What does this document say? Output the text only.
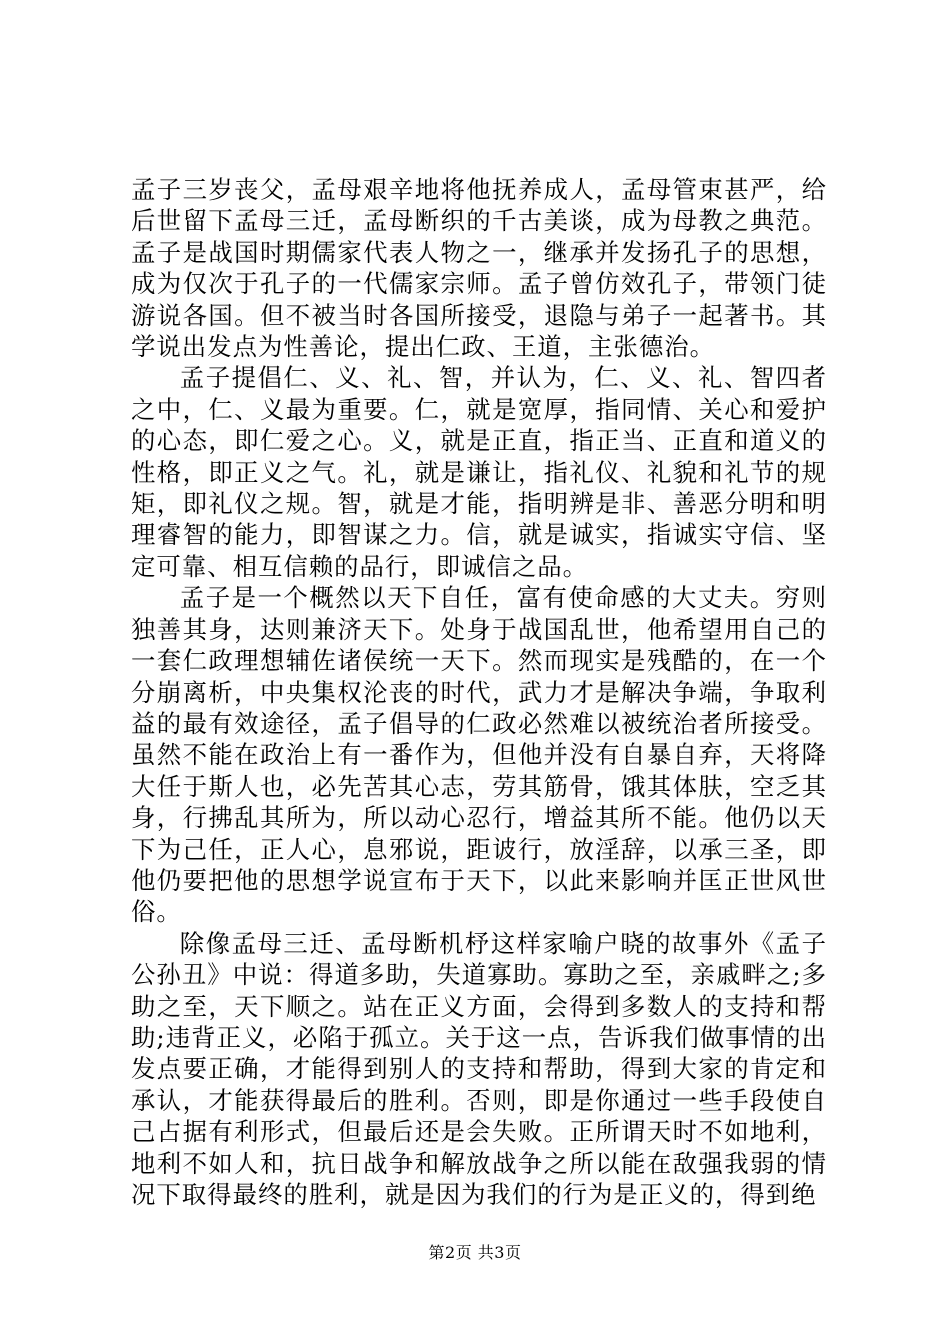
孟子三岁丧父，孟母艰辛地将他抚养成人，孟母管束甚严，给后世留下孟母三迁，孟母断织的千古美谈，成为母教之典范。孟子是战国时期儒家代表人物之一，继承并发扬孔子的思想，成为仅次于孔子的一代儒家宗师。孟子曾仿效孔子，带领门徒游说各国。但不被当时各国所接受，退隐与弟子一起著书。其学说出发点为性善论，提出仁政、王道，主张德治。

孟子提倡仁、义、礼、智，并认为，仁、义、礼、智四者之中，仁、义最为重要。仁，就是宽厚，指同情、关心和爱护的心态，即仁爱之心。义，就是正直，指正当、正直和道义的性格，即正义之气。礼，就是谦让，指礼仪、礼貌和礼节的规矩，即礼仪之规。智，就是才能，指明辨是非、善恶分明和明理睿智的能力，即智谋之力。信，就是诚实，指诚实守信、坚定可靠、相互信赖的品行，即诚信之品。

孟子是一个概然以天下自任，富有使命感的大丈夫。穷则独善其身，达则兼济天下。处身于战国乱世，他希望用自己的一套仁政理想辅佐诸侯统一天下。然而现实是残酷的，在一个分崩离析，中央集权沦丧的时代，武力才是解决争端，争取利益的最有效途径，孟子倡导的仁政必然难以被统治者所接受。虽然不能在政治上有一番作为，但他并没有自暴自弃，天将降大任于斯人也，必先苦其心志，劳其筋骨，饿其体肤，空乏其身，行拂乱其所为，所以动心忍行，增益其所不能。他仍以天下为己任，正人心，息邪说，距诐行，放淫辞，以承三圣，即他仍要把他的思想学说宣布于天下，以此来影响并匡正世风世俗。

除像孟母三迁、孟母断机杼这样家喻户晓的故事外《孟子公孙丑》中说：得道多助，失道寡助。寡助之至，亲戚畔之;多助之至，天下顺之。站在正义方面，会得到多数人的支持和帮助;违背正义，必陷于孤立。关于这一点，告诉我们做事情的出发点要正确，才能得到别人的支持和帮助，得到大家的肯定和承认，才能获得最后的胜利。否则，即是你通过一些手段使自己占据有利形式，但最后还是会失败。正所谓天时不如地利，地利不如人和，抗日战争和解放战争之所以能在敌强我弱的情况下取得最终的胜利，就是因为我们的行为是正义的，得到绝

第2页 共3页
